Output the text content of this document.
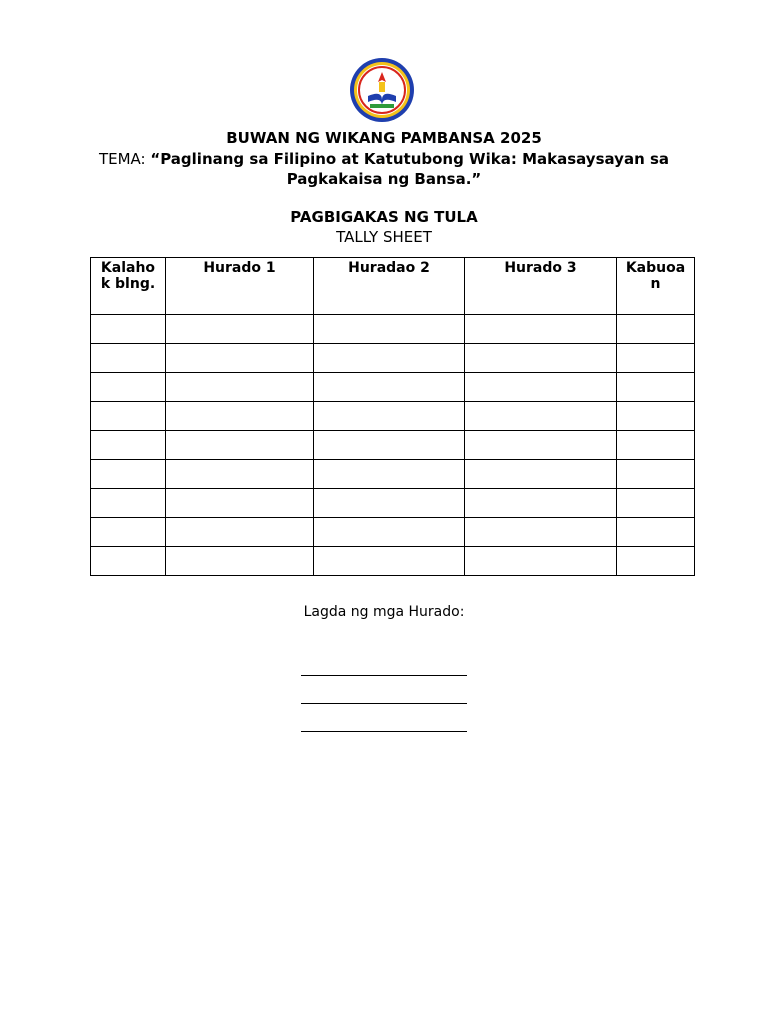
BUWAN NG WIKANG PAMBANSA 2025
TEMA: “Paglinang sa Filipino at Katutubong Wika: Makasaysayan sa Pagkakaisa ng Bansa.”
PAGBIGAKAS NG TULA
TALLY SHEET
Kalahok blng.	Hurado 1	Huradao 2	Hurado 3	Kabuoan

Lagda ng mga Hurado:
